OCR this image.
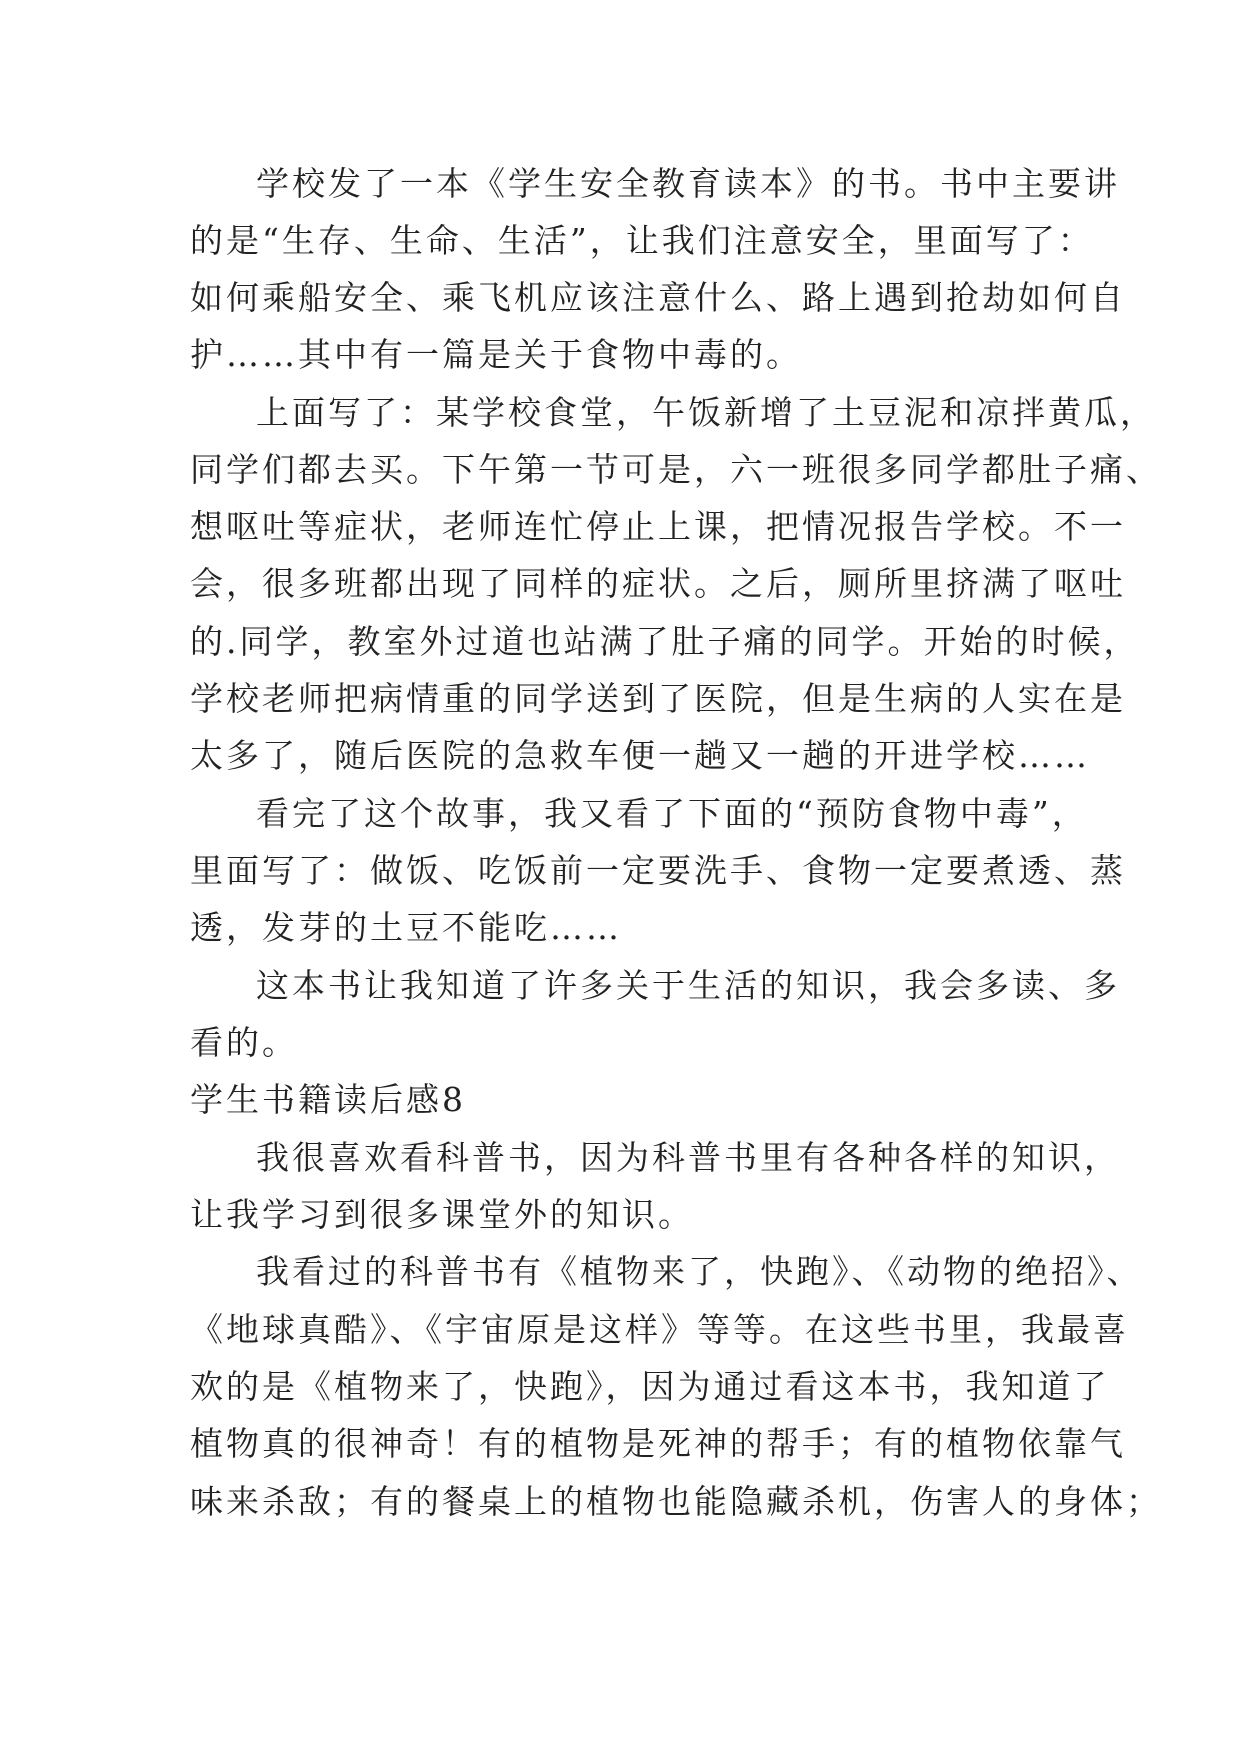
学校发了一本《学生安全教育读本》的书。书中主要讲
的是“生存、生命、生活”，让我们注意安全，里面写了：
如何乘船安全、乘飞机应该注意什么、路上遇到抢劫如何自
护……其中有一篇是关于食物中毒的。
上面写了：某学校食堂，午饭新增了土豆泥和凉拌黄瓜，
同学们都去买。下午第一节可是，六一班很多同学都肚子痛、
想呕吐等症状，老师连忙停止上课，把情况报告学校。不一
会，很多班都出现了同样的症状。之后，厕所里挤满了呕吐
的.同学，教室外过道也站满了肚子痛的同学。开始的时候，
学校老师把病情重的同学送到了医院，但是生病的人实在是
太多了，随后医院的急救车便一趟又一趟的开进学校……
看完了这个故事，我又看了下面的“预防食物中毒”，
里面写了：做饭、吃饭前一定要洗手、食物一定要煮透、蒸
透，发芽的土豆不能吃……
这本书让我知道了许多关于生活的知识，我会多读、多
看的。
学生书籍读后感8
我很喜欢看科普书，因为科普书里有各种各样的知识，
让我学习到很多课堂外的知识。
我看过的科普书有《植物来了，快跑》、《动物的绝招》、
《地球真酷》、《宇宙原是这样》等等。在这些书里，我最喜
欢的是《植物来了，快跑》，因为通过看这本书，我知道了
植物真的很神奇！有的植物是死神的帮手；有的植物依靠气
味来杀敌；有的餐桌上的植物也能隐藏杀机，伤害人的身体；
